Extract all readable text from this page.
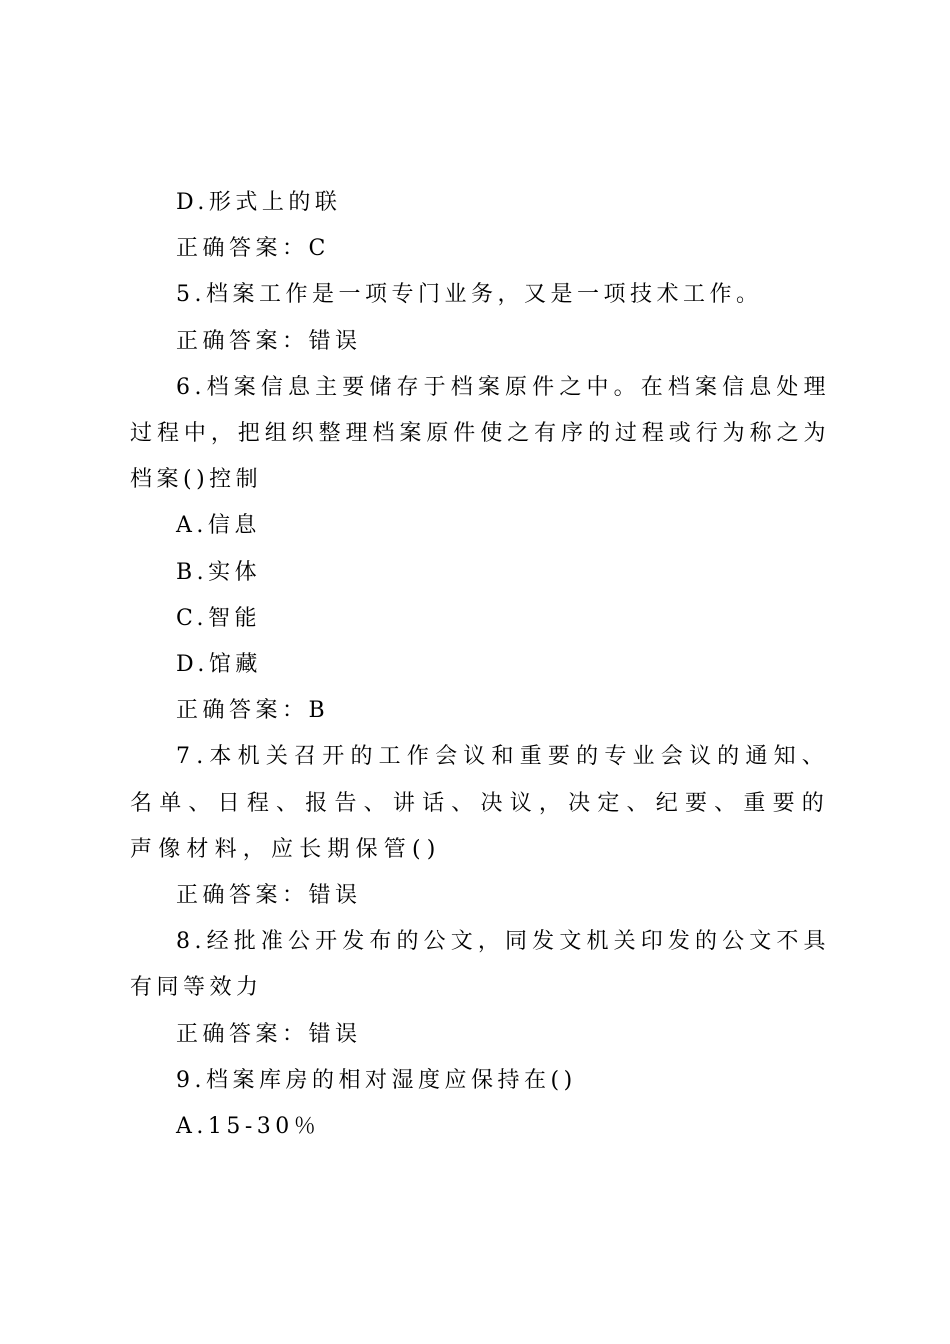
D.形式上的联

正确答案：C

5.档案工作是一项专门业务，又是一项技术工作。

正确答案：错误

6.档案信息主要储存于档案原件之中。在档案信息处理过程中，把组织整理档案原件使之有序的过程或行为称之为档案()控制

A.信息

B.实体

C.智能

D.馆藏

正确答案：B

7.本机关召开的工作会议和重要的专业会议的通知、名单、日程、报告、讲话、决议，决定、纪要、重要的声像材料，应长期保管()

正确答案：错误

8.经批准公开发布的公文，同发文机关印发的公文不具有同等效力

正确答案：错误

9.档案库房的相对湿度应保持在()

A.15-30％
